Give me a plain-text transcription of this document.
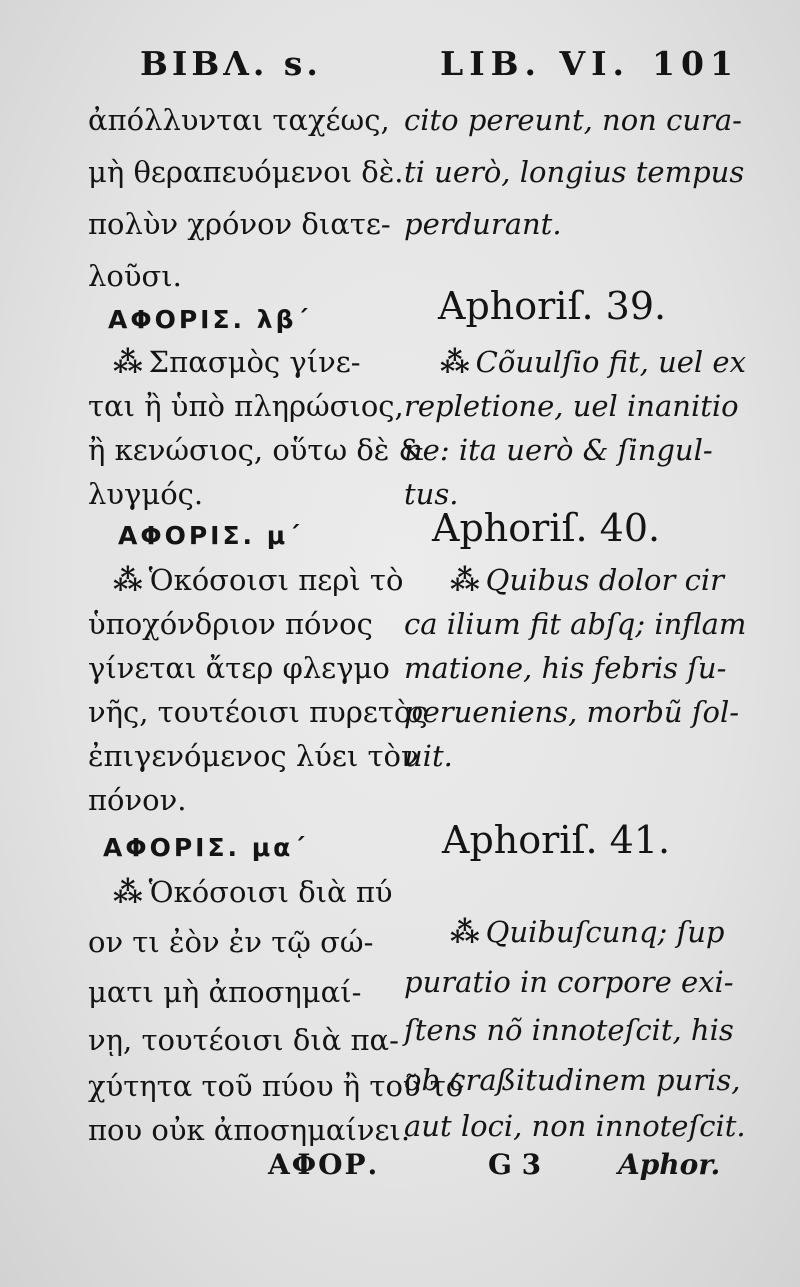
BIBΛ. s.	LIB. VI. 101
ἀπόλλυνται ταχέως,
μὴ θεραπευόμενοι δὲ.
πολὺν χρόνον διατε-
λοῦσι.
ΑΦΟΡΙΣ. λβ´
⁂ Σπασμὸς γίνε-
ται ἢ ὑπὸ πληρώσιος,
ἢ κενώσιος, οὕτω δὲ &
λυγμός.
ΑΦΟΡΙΣ. μ´
⁂ Ὁκόσοισι περὶ τὸ
ὑποχόνδριον πόνος
γίνεται ἄτερ φλεγμο
νῆς, τουτέοισι πυρετὸς
ἐπιγενόμενος λύει τὸν
πόνον.
ΑΦΟΡΙΣ. μα´
⁂ Ὁκόσοισι διὰ πύ
ον τι ἐὸν ἐν τῷ σώ-
ματι μὴ ἀποσημαί-
νῃ, τουτέοισι διὰ πα-
χύτητα τοῦ πύου ἢ τοῦ τό
που οὐκ ἀποσημαίνει.
cito pereunt, non cura-
ti uerò, longius tempus
perdurant.
Aphoriſ. 39.
⁂ Cõuulſio fit, uel ex
repletione, uel inanitio
ne: ita uerò & ſingul-
tus.
Aphoriſ. 40.
⁂ Quibus dolor cir
ca ilium fit abſq; inflam
matione, his febris ſu-
perueniens, morbũ ſol-
uit.
Aphoriſ. 41.
⁂ Quibuſcunq; ſup
puratio in corpore exi-
ſtens nõ innoteſcit, his
ob craßitudinem puris,
aut loci, non innoteſcit.
ΑΦΟΡ.	G 3	Aphor.
